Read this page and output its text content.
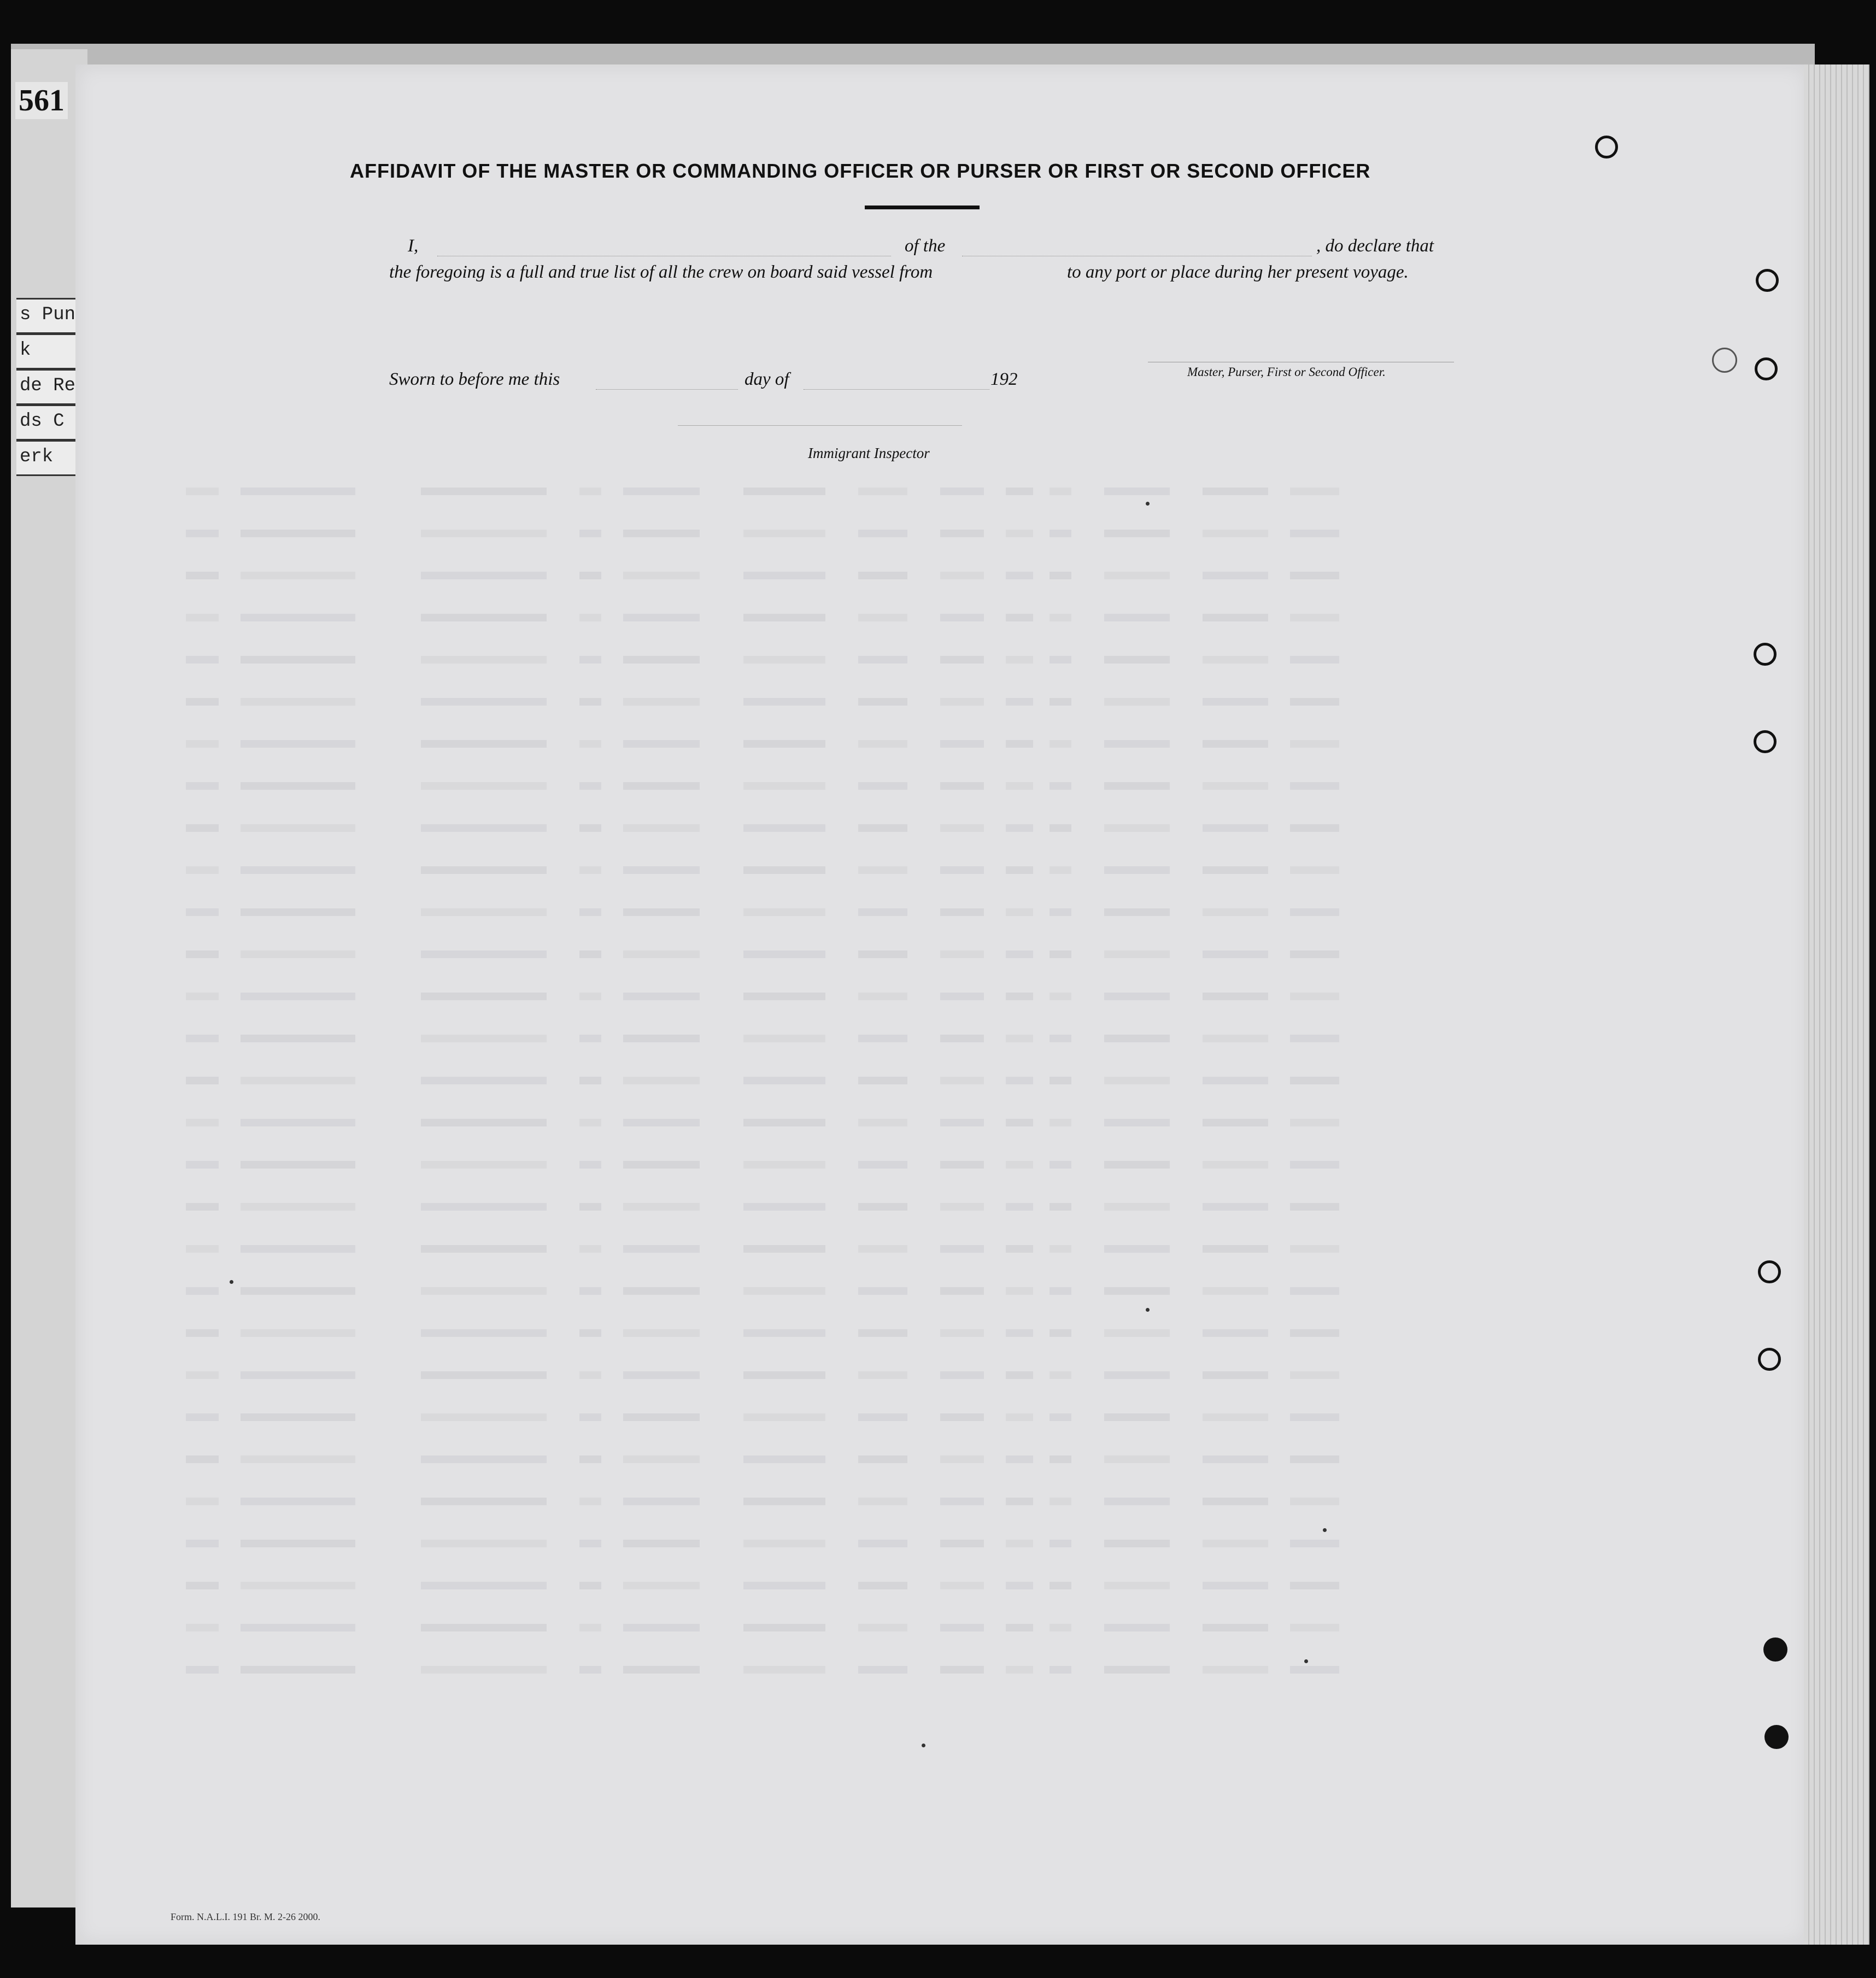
561
s Pun
k
de Re
ds C
erk
AFFIDAVIT OF THE MASTER OR COMMANDING OFFICER OR PURSER OR FIRST OR SECOND OFFICER
I,	of the	, do declare that
the foregoing is a full and true list of all the crew on board said vessel from	to any port or place during her present voyage.
Master, Purser, First or Second Officer.
Sworn to before me this	day of	192
Immigrant Inspector
Form. N.A.L.I. 191 Br. M. 2-26 2000.
